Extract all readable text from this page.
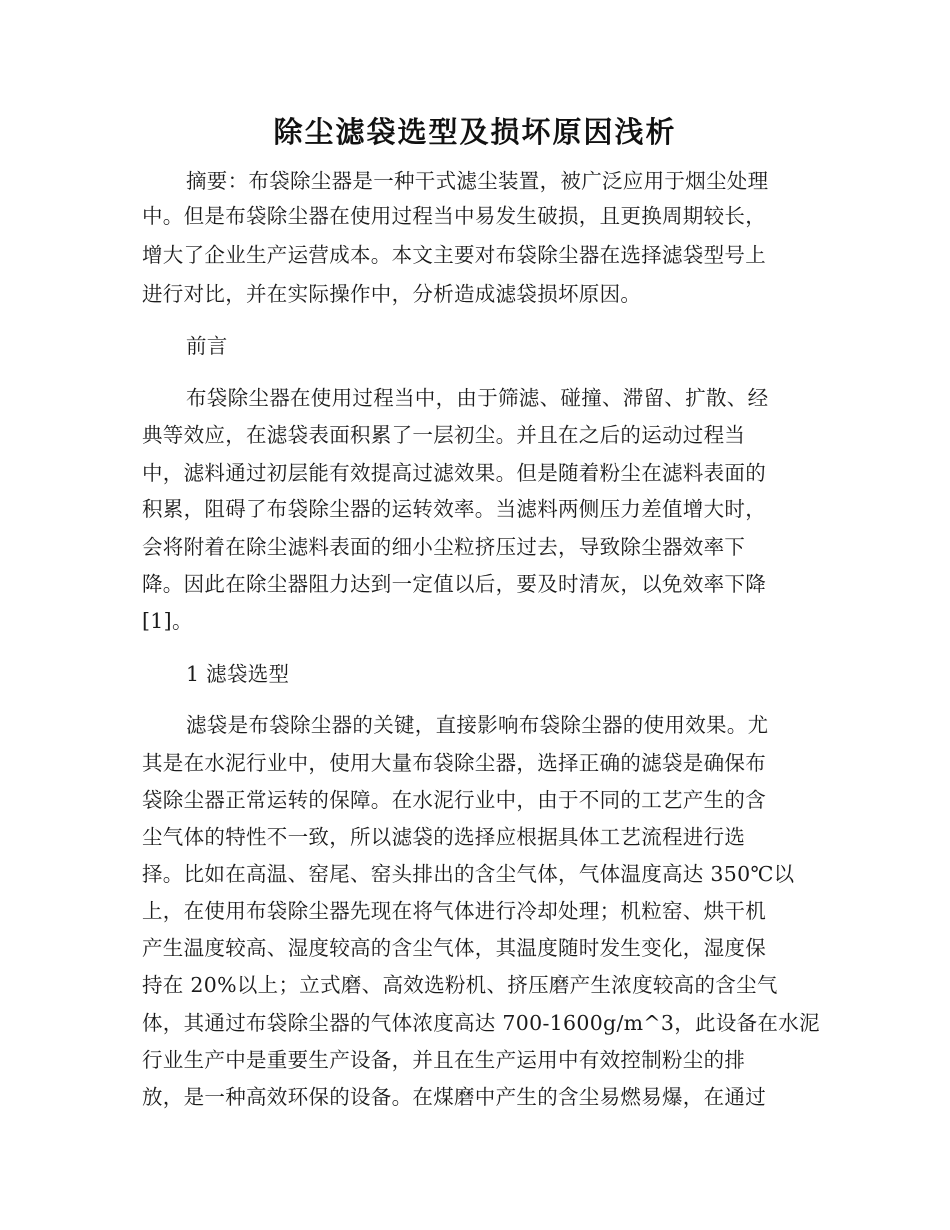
除尘滤袋选型及损坏原因浅析
摘要：布袋除尘器是一种干式滤尘装置，被广泛应用于烟尘处理
中。但是布袋除尘器在使用过程当中易发生破损，且更换周期较长，
增大了企业生产运营成本。本文主要对布袋除尘器在选择滤袋型号上
进行对比，并在实际操作中，分析造成滤袋损坏原因。
前言
布袋除尘器在使用过程当中，由于筛滤、碰撞、滞留、扩散、经
典等效应，在滤袋表面积累了一层初尘。并且在之后的运动过程当
中，滤料通过初层能有效提高过滤效果。但是随着粉尘在滤料表面的
积累，阻碍了布袋除尘器的运转效率。当滤料两侧压力差值增大时，
会将附着在除尘滤料表面的细小尘粒挤压过去，导致除尘器效率下
降。因此在除尘器阻力达到一定值以后，要及时清灰，以免效率下降
[1]。
1 滤袋选型
滤袋是布袋除尘器的关键，直接影响布袋除尘器的使用效果。尤
其是在水泥行业中，使用大量布袋除尘器，选择正确的滤袋是确保布
袋除尘器正常运转的保障。在水泥行业中，由于不同的工艺产生的含
尘气体的特性不一致，所以滤袋的选择应根据具体工艺流程进行选
择。比如在高温、窑尾、窑头排出的含尘气体，气体温度高达 350℃以
上，在使用布袋除尘器先现在将气体进行冷却处理；机粒窑、烘干机
产生温度较高、湿度较高的含尘气体，其温度随时发生变化，湿度保
持在 20%以上；立式磨、高效选粉机、挤压磨产生浓度较高的含尘气
体，其通过布袋除尘器的气体浓度高达 700-1600g/m^3，此设备在水泥
行业生产中是重要生产设备，并且在生产运用中有效控制粉尘的排
放，是一种高效环保的设备。在煤磨中产生的含尘易燃易爆，在通过
